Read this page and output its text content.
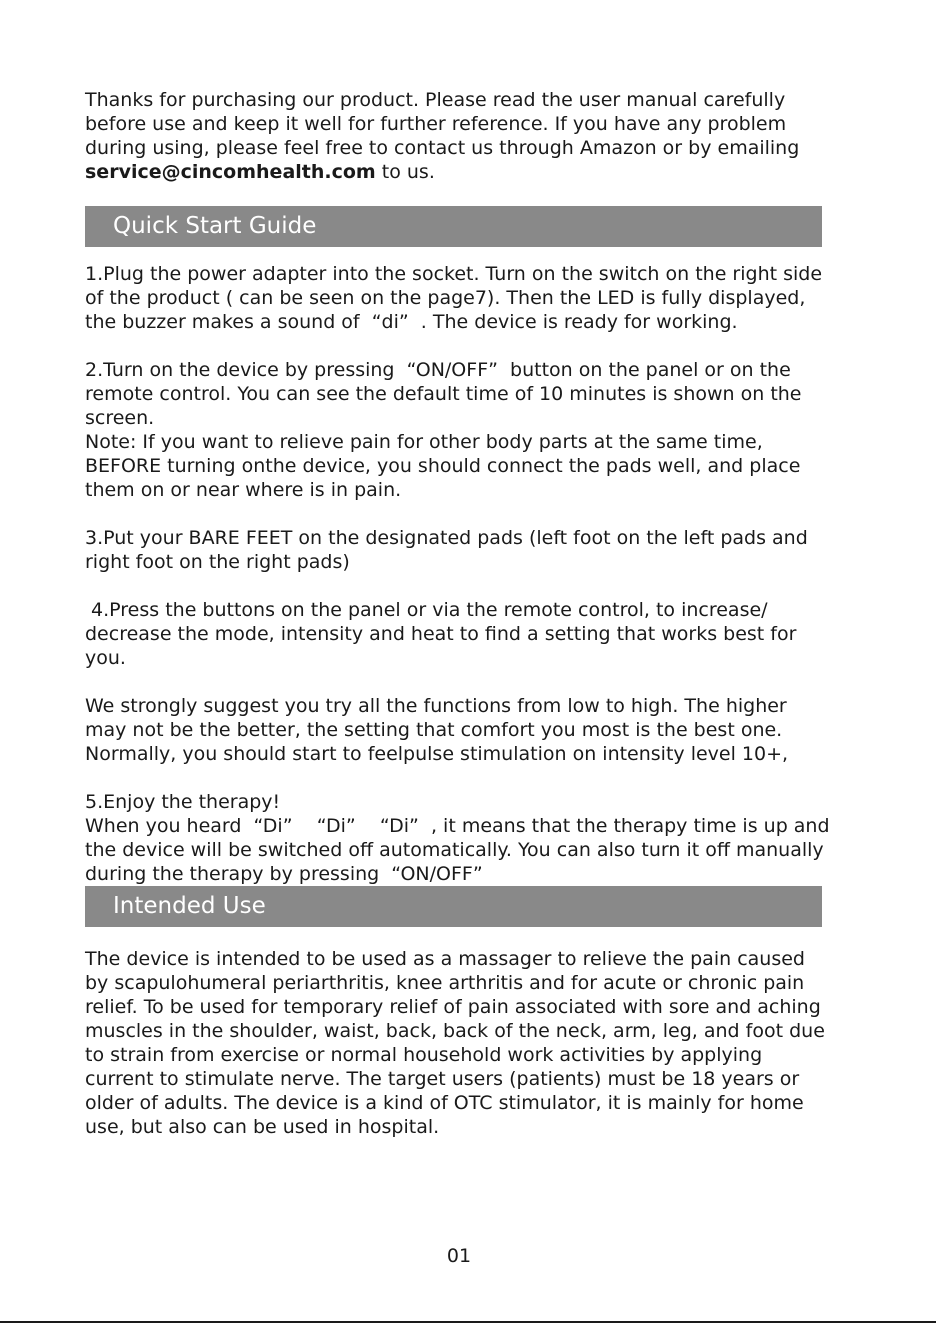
Thanks for purchasing our product. Please read the user manual carefully

before use and keep it well for further reference. If you have any problem

during using, please feel free to contact us through Amazon or by emailing

service@cincomhealth.com to us.

Quick Start Guide

1.Plug the power adapter into the socket. Turn on the switch on the right side

of the product ( can be seen on the page7). Then the LED is fully displayed,

the buzzer makes a sound of  “di”  . The device is ready for working.

2.Turn on the device by pressing  “ON/OFF”  button on the panel or on the

remote control. You can see the default time of 10 minutes is shown on the

screen.

Note: If you want to relieve pain for other body parts at the same time,

BEFORE turning onthe device, you should connect the pads well, and place

them on or near where is in pain.

3.Put your BARE FEET on the designated pads (left foot on the left pads and

right foot on the right pads)

4.Press the buttons on the panel or via the remote control, to increase/

decrease the mode, intensity and heat to find a setting that works best for

you.

We strongly suggest you try all the functions from low to high. The higher

may not be the better, the setting that comfort you most is the best one.

Normally, you should start to feelpulse stimulation on intensity level 10+,

5.Enjoy the therapy!

When you heard  “Di”    “Di”    “Di”  , it means that the therapy time is up and

the device will be switched off automatically. You can also turn it off manually

during the therapy by pressing  “ON/OFF”

Intended Use

The device is intended to be used as a massager to relieve the pain caused

by scapulohumeral periarthritis, knee arthritis and for acute or chronic pain

relief. To be used for temporary relief of pain associated with sore and aching

muscles in the shoulder, waist, back, back of the neck, arm, leg, and foot due

to strain from exercise or normal household work activities by applying

current to stimulate nerve. The target users (patients) must be 18 years or

older of adults. The device is a kind of OTC stimulator, it is mainly for home

use, but also can be used in hospital.

01
